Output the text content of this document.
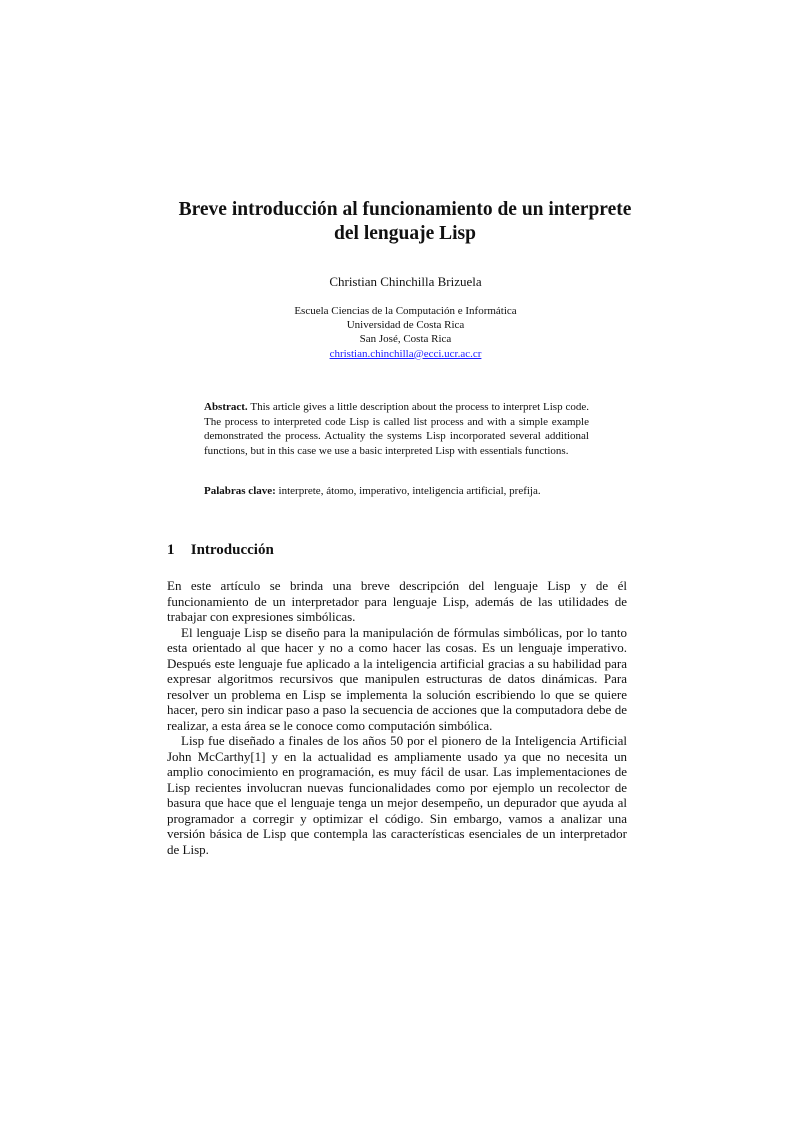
Breve introducción al funcionamiento de un interprete
del lenguaje Lisp
Christian Chinchilla Brizuela
Escuela Ciencias de la Computación e Informática
Universidad de Costa Rica
San José, Costa Rica
christian.chinchilla@ecci.ucr.ac.cr
Abstract. This article gives a little description about the process to interpret Lisp code. The process to interpreted code Lisp is called list process and with a simple example demonstrated the process. Actuality the systems Lisp incorporated several additional functions, but in this case we use a basic interpreted Lisp with essentials functions.
Palabras clave: interprete, átomo, imperativo, inteligencia artificial, prefija.
1 Introducción

En este artículo se brinda una breve descripción del lenguaje Lisp y de él funcionamiento de un interpretador para lenguaje Lisp, además de las utilidades de trabajar con expresiones simbólicas.

El lenguaje Lisp se diseño para la manipulación de fórmulas simbólicas, por lo tanto esta orientado al que hacer y no a como hacer las cosas. Es un lenguaje imperativo. Después este lenguaje fue aplicado a la inteligencia artificial gracias a su habilidad para expresar algoritmos recursivos que manipulen estructuras de datos dinámicas. Para resolver un problema en Lisp se implementa la solución escribiendo lo que se quiere hacer, pero sin indicar paso a paso la secuencia de acciones que la computadora debe de realizar, a esta área se le conoce como computación simbólica.

Lisp fue diseñado a finales de los años 50 por el pionero de la Inteligencia Artificial John McCarthy[1] y en la actualidad es ampliamente usado ya que no necesita un amplio conocimiento en programación, es muy fácil de usar. Las implementaciones de Lisp recientes involucran nuevas funcionalidades como por ejemplo un recolector de basura que hace que el lenguaje tenga un mejor desempeño, un depurador que ayuda al programador a corregir y optimizar el código. Sin embargo, vamos a analizar una versión básica de Lisp que contempla las características esenciales de un interpretador de Lisp.
